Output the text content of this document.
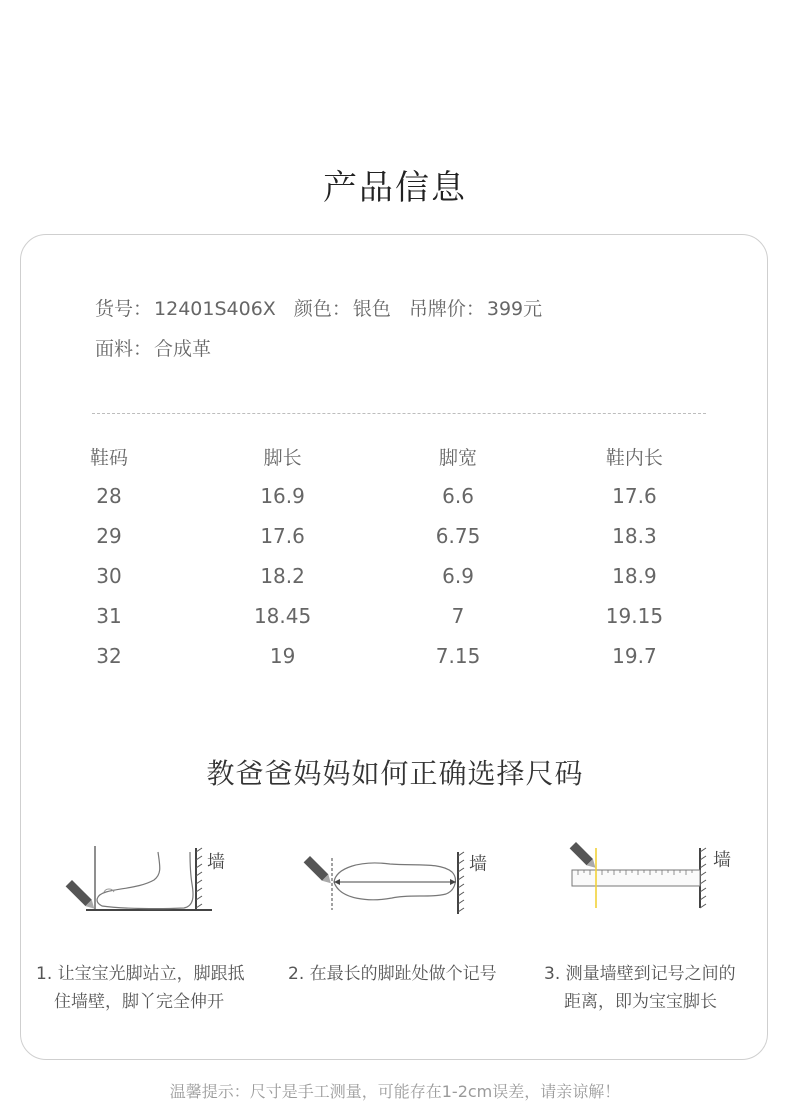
产品信息
货号： 12401S406X 颜色： 银色 吊牌价： 399元
面料： 合成革
鞋码	脚长	脚宽	鞋内长
28	16.9	6.6	17.6
29	17.6	6.75	18.3
30	18.2	6.9	18.9
31	18.45	7	19.15
32	19	7.15	19.7
教爸爸妈妈如何正确选择尺码
墙	墙	墙
1. 让宝宝光脚站立，脚跟抵
住墙壁，脚丫完全伸开
2. 在最长的脚趾处做个记号	3. 测量墙壁到记号之间的
距离，即为宝宝脚长
温馨提示：尺寸是手工测量，可能存在1-2cm误差，请亲谅解！
